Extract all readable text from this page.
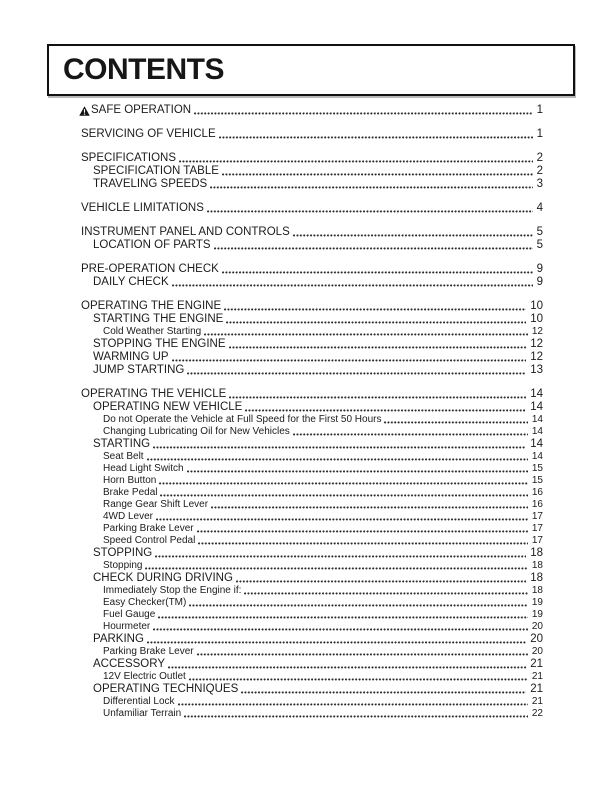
CONTENTS
SAFE OPERATION	1
SERVICING OF VEHICLE	1
SPECIFICATIONS	2
SPECIFICATION TABLE	2
TRAVELING SPEEDS	3
VEHICLE LIMITATIONS	4
INSTRUMENT PANEL AND CONTROLS	5
LOCATION OF PARTS	5
PRE-OPERATION CHECK	9
DAILY CHECK	9
OPERATING THE ENGINE	10
STARTING THE ENGINE	10
Cold Weather Starting	12
STOPPING THE ENGINE	12
WARMING UP	12
JUMP STARTING	13
OPERATING THE VEHICLE	14
OPERATING NEW VEHICLE	14
Do not Operate the Vehicle at Full Speed for the First 50 Hours	14
Changing Lubricating Oil for New Vehicles	14
STARTING	14
Seat Belt	14
Head Light Switch	15
Horn Button	15
Brake Pedal	16
Range Gear Shift Lever	16
4WD Lever	17
Parking Brake Lever	17
Speed Control Pedal	17
STOPPING	18
Stopping	18
CHECK DURING DRIVING	18
Immediately Stop the Engine if:	18
Easy Checker(TM)	19
Fuel Gauge	19
Hourmeter	20
PARKING	20
Parking Brake Lever	20
ACCESSORY	21
12V Electric Outlet	21
OPERATING TECHNIQUES	21
Differential Lock	21
Unfamiliar Terrain	22
